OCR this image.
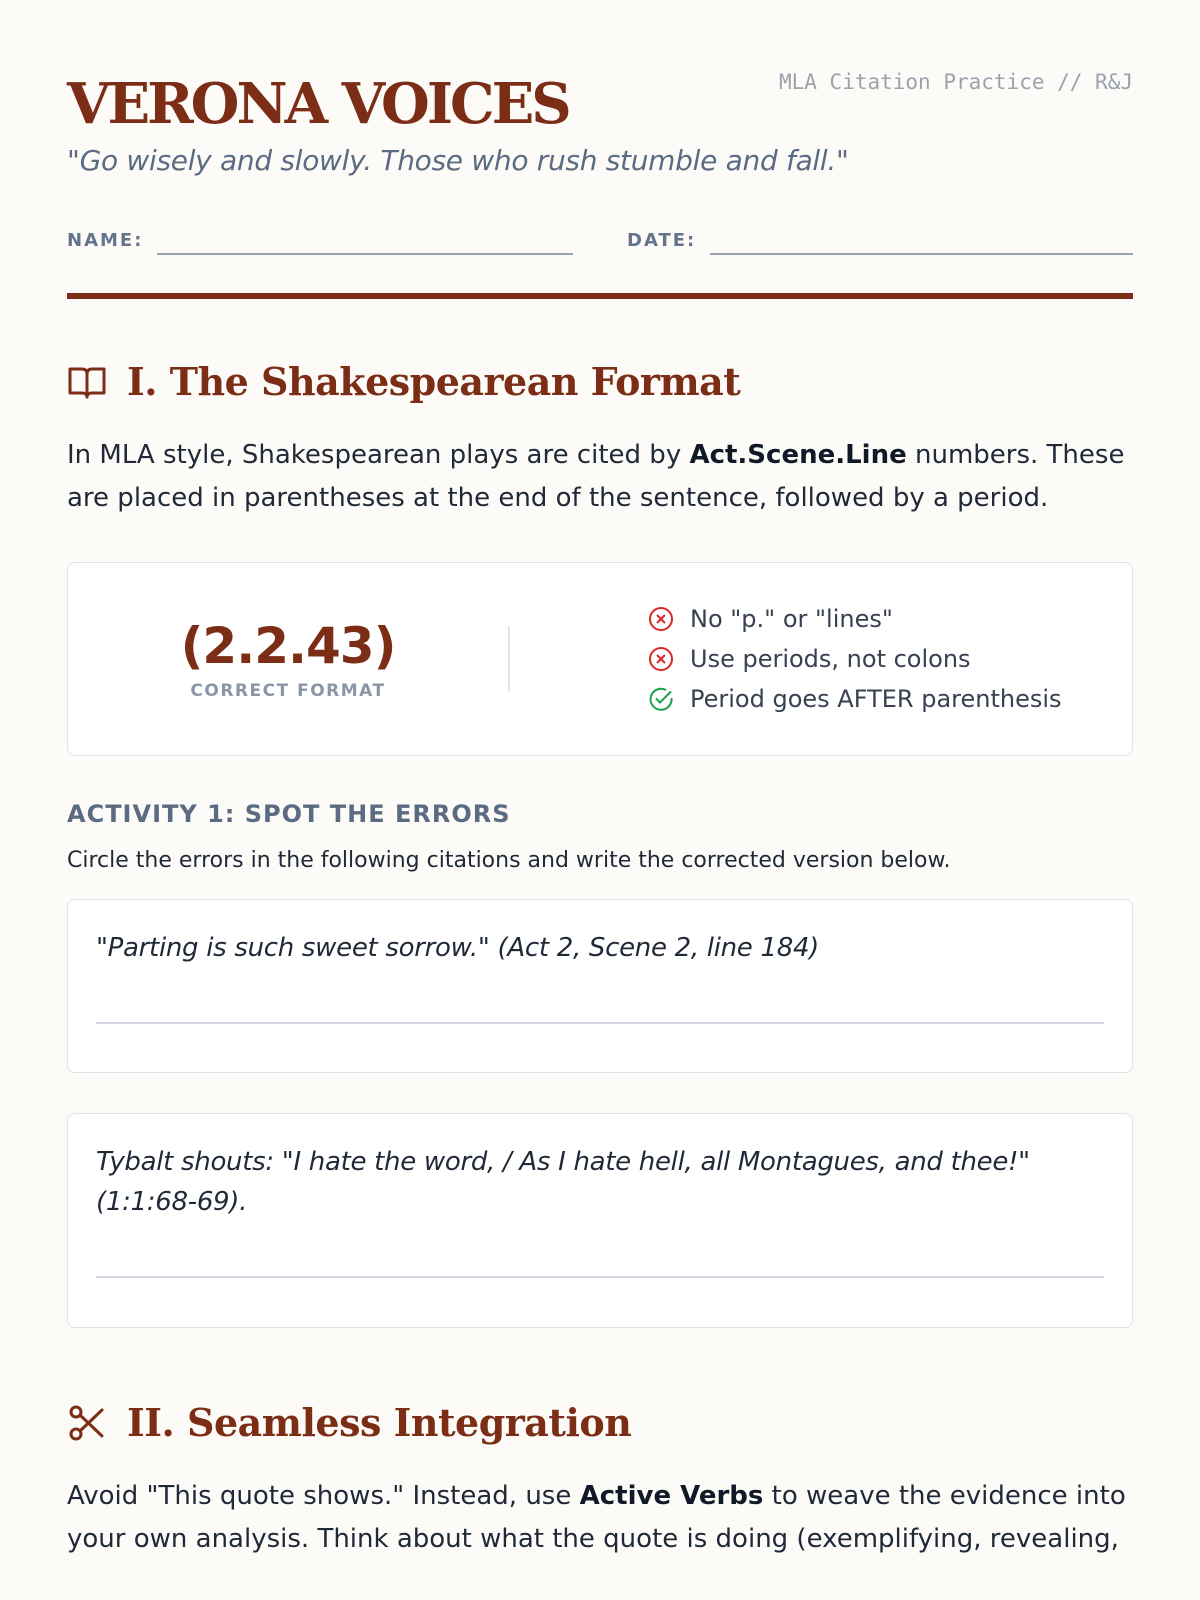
VERONA VOICES	MLA Citation Practice // R&J
"Go wisely and slowly. Those who rush stumble and fall."
NAME:	DATE:
I. The Shakespearean Format

In MLA style, Shakespearean plays are cited by Act.Scene.Line numbers. These are placed in parentheses at the end of the sentence, followed by a period.

(2.2.43)
CORRECT FORMAT
No "p." or "lines"
Use periods, not colons
Period goes AFTER parenthesis
ACTIVITY 1: SPOT THE ERRORS
Circle the errors in the following citations and write the corrected version below.
"Parting is such sweet sorrow." (Act 2, Scene 2, line 184)
Tybalt shouts: "I hate the word, / As I hate hell, all Montagues, and thee!" (1:1:68-69).
II. Seamless Integration

Avoid "This quote shows." Instead, use Active Verbs to weave the evidence into your own analysis. Think about what the quote is doing (exemplifying, revealing,
